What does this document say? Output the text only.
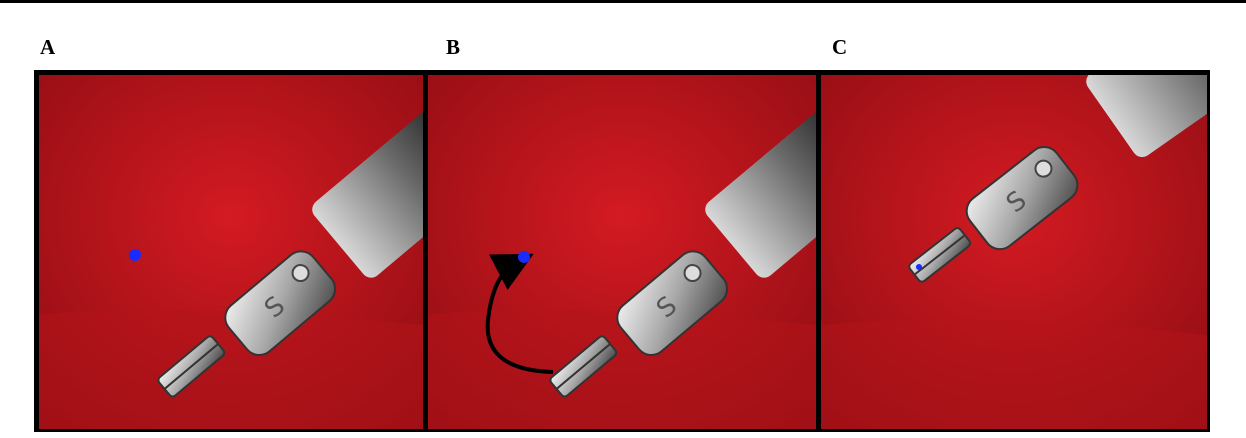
A	B	C
S	S
S
